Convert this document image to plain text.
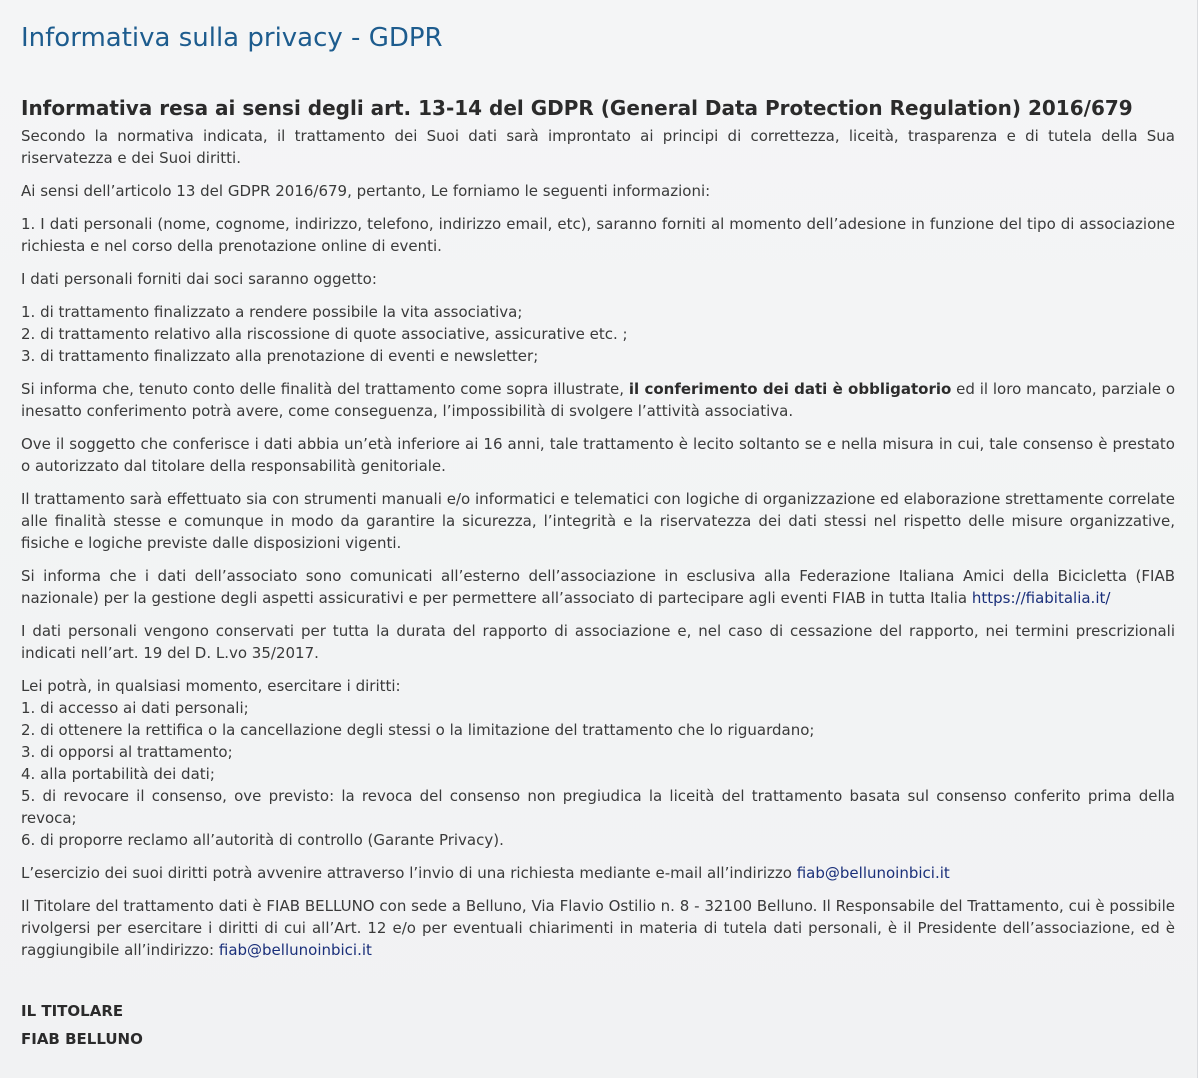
Informativa sulla privacy - GDPR
Informativa resa ai sensi degli art. 13-14 del GDPR (General Data Protection Regulation) 2016/679

Secondo la normativa indicata, il trattamento dei Suoi dati sarà improntato ai principi di correttezza, liceità, trasparenza e di tutela della Sua riservatezza e dei Suoi diritti.

Ai sensi dell’articolo 13 del GDPR 2016/679, pertanto, Le forniamo le seguenti informazioni:

1. I dati personali (nome, cognome, indirizzo, telefono, indirizzo email, etc), saranno forniti al momento dell’adesione in funzione del tipo di associazione richiesta e nel corso della prenotazione online di eventi.

I dati personali forniti dai soci saranno oggetto:

1. di trattamento finalizzato a rendere possibile la vita associativa;
2. di trattamento relativo alla riscossione di quote associative, assicurative etc. ;
3. di trattamento finalizzato alla prenotazione di eventi e newsletter;

Si informa che, tenuto conto delle finalità del trattamento come sopra illustrate, il conferimento dei dati è obbligatorio ed il loro mancato, parziale o inesatto conferimento potrà avere, come conseguenza, l’impossibilità di svolgere l’attività associativa.

Ove il soggetto che conferisce i dati abbia un’età inferiore ai 16 anni, tale trattamento è lecito soltanto se e nella misura in cui, tale consenso è prestato o autorizzato dal titolare della responsabilità genitoriale.

Il trattamento sarà effettuato sia con strumenti manuali e/o informatici e telematici con logiche di organizzazione ed elaborazione strettamente correlate alle finalità stesse e comunque in modo da garantire la sicurezza, l’integrità e la riservatezza dei dati stessi nel rispetto delle misure organizzative, fisiche e logiche previste dalle disposizioni vigenti.

Si informa che i dati dell’associato sono comunicati all’esterno dell’associazione in esclusiva alla Federazione Italiana Amici della Bicicletta (FIAB nazionale) per la gestione degli aspetti assicurativi e per permettere all’associato di partecipare agli eventi FIAB in tutta Italia https://fiabitalia.it/

I dati personali vengono conservati per tutta la durata del rapporto di associazione e, nel caso di cessazione del rapporto, nei termini prescrizionali indicati nell’art. 19 del D. L.vo 35/2017.

Lei potrà, in qualsiasi momento, esercitare i diritti:
1. di accesso ai dati personali;
2. di ottenere la rettifica o la cancellazione degli stessi o la limitazione del trattamento che lo riguardano;
3. di opporsi al trattamento;
4. alla portabilità dei dati;
5. di revocare il consenso, ove previsto: la revoca del consenso non pregiudica la liceità del trattamento basata sul consenso conferito prima della revoca;
6. di proporre reclamo all’autorità di controllo (Garante Privacy).

L’esercizio dei suoi diritti potrà avvenire attraverso l’invio di una richiesta mediante e-mail all’indirizzo fiab@bellunoinbici.it

Il Titolare del trattamento dati è FIAB BELLUNO con sede a Belluno, Via Flavio Ostilio n. 8 - 32100 Belluno. Il Responsabile del Trattamento, cui è possibile rivolgersi per esercitare i diritti di cui all’Art. 12 e/o per eventuali chiarimenti in materia di tutela dati personali, è il Presidente dell’associazione, ed è raggiungibile all’indirizzo: fiab@bellunoinbici.it

IL TITOLARE
FIAB BELLUNO
